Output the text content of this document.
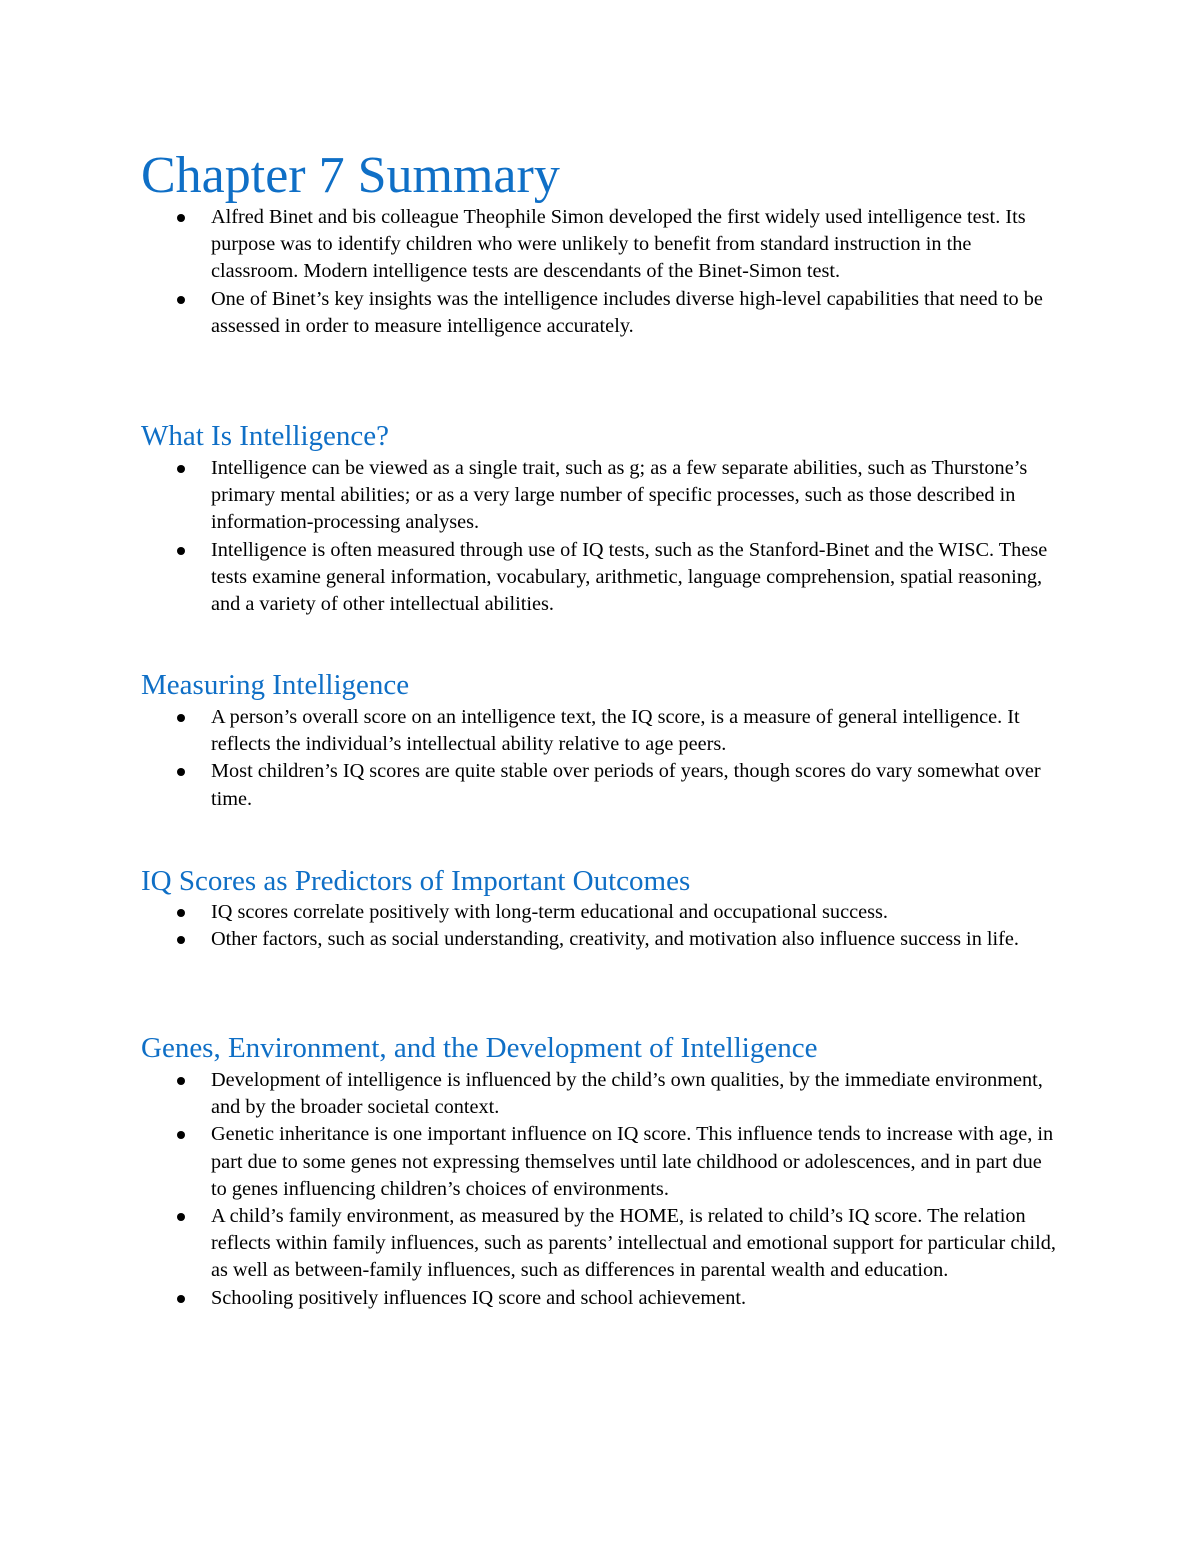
Chapter 7 Summary
Alfred Binet and bis colleague Theophile Simon developed the first widely used intelligence test. Its purpose was to identify children who were unlikely to benefit from standard instruction in the classroom. Modern intelligence tests are descendants of the Binet-Simon test.
One of Binet’s key insights was the intelligence includes diverse high-level capabilities that need to be assessed in order to measure intelligence accurately.
What Is Intelligence?
Intelligence can be viewed as a single trait, such as g; as a few separate abilities, such as Thurstone’s primary mental abilities; or as a very large number of specific processes, such as those described in information-processing analyses.
Intelligence is often measured through use of IQ tests, such as the Stanford-Binet and the WISC. These tests examine general information, vocabulary, arithmetic, language comprehension, spatial reasoning, and a variety of other intellectual abilities.
Measuring Intelligence
A person’s overall score on an intelligence text, the IQ score, is a measure of general intelligence. It reflects the individual’s intellectual ability relative to age peers.
Most children’s IQ scores are quite stable over periods of years, though scores do vary somewhat over time.
IQ Scores as Predictors of Important Outcomes
IQ scores correlate positively with long-term educational and occupational success.
Other factors, such as social understanding, creativity, and motivation also influence success in life.
Genes, Environment, and the Development of Intelligence
Development of intelligence is influenced by the child’s own qualities, by the immediate environment, and by the broader societal context.
Genetic inheritance is one important influence on IQ score. This influence tends to increase with age, in part due to some genes not expressing themselves until late childhood or adolescences, and in part due to genes influencing children’s choices of environments.
A child’s family environment, as measured by the HOME, is related to child’s IQ score. The relation reflects within family influences, such as parents’ intellectual and emotional support for particular child, as well as between-family influences, such as differences in parental wealth and education.
Schooling positively influences IQ score and school achievement.
